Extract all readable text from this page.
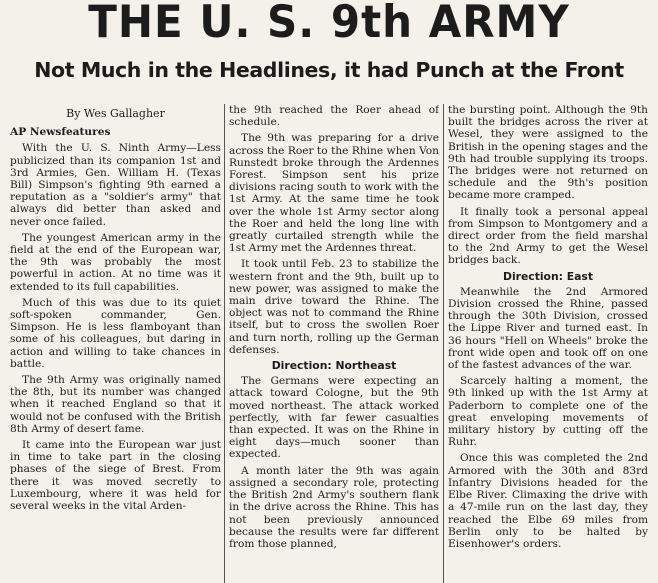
THE U. S. 9th ARMY
Not Much in the Headlines, it had Punch at the Front
By Wes Gallagher
AP Newsfeatures

With the U. S. Ninth Army—Less publicized than its companion 1st and 3rd Armies, Gen. William H. (Texas Bill) Simpson's fighting 9th earned a reputation as a "soldier's army" that always did better than asked and never once failed.

The youngest American army in the field at the end of the European war, the 9th was probably the most powerful in action. At no time was it extended to its full capabilities.

Much of this was due to its quiet soft-spoken commander, Gen. Simpson. He is less flamboyant than some of his colleagues, but daring in action and willing to take chances in battle.

The 9th Army was originally named the 8th, but its number was changed when it reached England so that it would not be confused with the British 8th Army of desert fame.

It came into the European war just in time to take part in the closing phases of the siege of Brest. From there it was moved secretly to Luxembourg, where it was held for several weeks in the vital Arden-

the 9th reached the Roer ahead of schedule.

The 9th was preparing for a drive across the Roer to the Rhine when Von Runstedt broke through the Ardennes Forest. Simpson sent his prize divisions racing south to work with the 1st Army. At the same time he took over the whole 1st Army sector along the Roer and held the long line with greatly curtailed strength while the 1st Army met the Ardennes threat.

It took until Feb. 23 to stabilize the western front and the 9th, built up to new power, was assigned to make the main drive toward the Rhine. The object was not to command the Rhine itself, but to cross the swollen Roer and turn north, rolling up the German defenses.

Direction: Northeast

The Germans were expecting an attack toward Cologne, but the 9th moved northeast. The attack worked perfectly, with far fewer casualties than expected. It was on the Rhine in eight days—much sooner than expected.

A month later the 9th was again assigned a secondary role, protecting the British 2nd Army's southern flank in the drive across the Rhine. This has not been previously announced because the results were far different from those planned,

the bursting point. Although the 9th built the bridges across the river at Wesel, they were assigned to the British in the opening stages and the 9th had trouble supplying its troops. The bridges were not returned on schedule and the 9th's position became more cramped.

It finally took a personal appeal from Simpson to Montgomery and a direct order from the field marshal to the 2nd Army to get the Wesel bridges back.

Direction: East

Meanwhile the 2nd Armored Division crossed the Rhine, passed through the 30th Division, crossed the Lippe River and turned east. In 36 hours "Hell on Wheels" broke the front wide open and took off on one of the fastest advances of the war.

Scarcely halting a moment, the 9th linked up with the 1st Army at Paderborn to complete one of the great enveloping movements of military history by cutting off the Ruhr.

Once this was completed the 2nd Armored with the 30th and 83rd Infantry Divisions headed for the Elbe River. Climaxing the drive with a 47-mile run on the last day, they reached the Elbe 69 miles from Berlin only to be halted by Eisenhower's orders.
